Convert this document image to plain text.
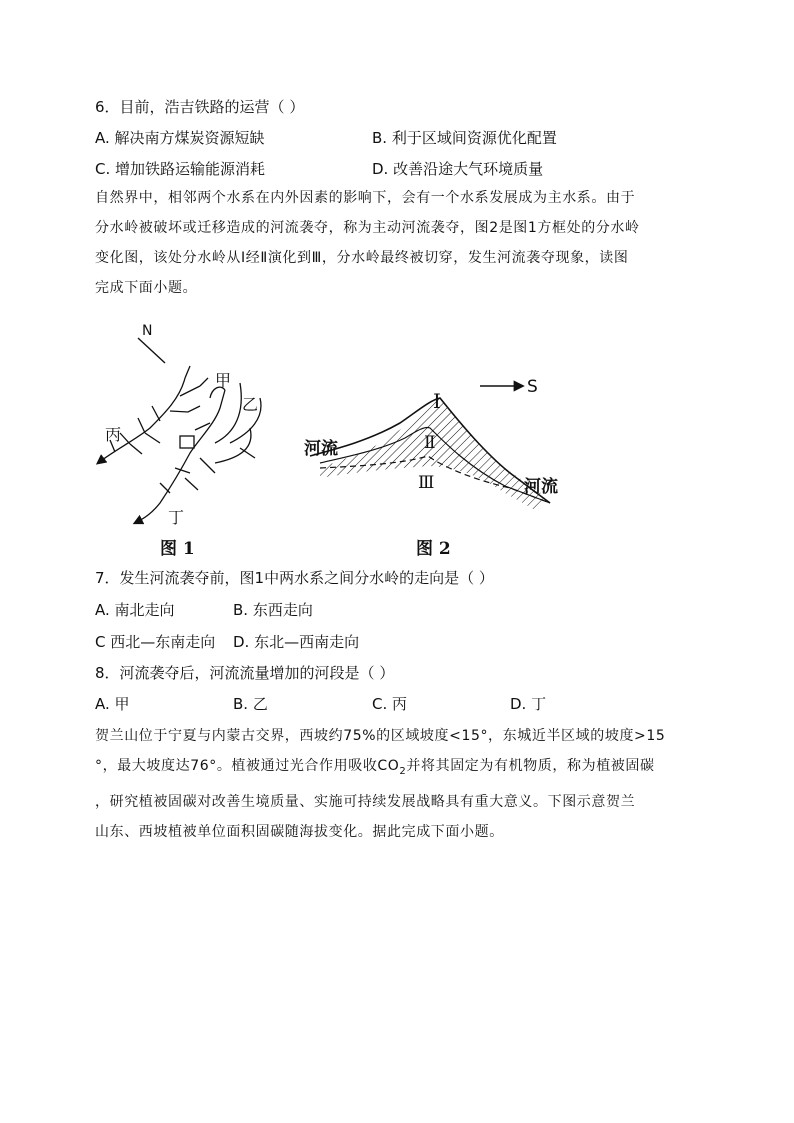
6．目前，浩吉铁路的运营（ ）
A. 解决南方煤炭资源短缺	B. 利于区域间资源优化配置
C. 增加铁路运输能源消耗	D. 改善沿途大气环境质量
自然界中，相邻两个水系在内外因素的影响下，会有一个水系发展成为主水系。由于
分水岭被破坏或迁移造成的河流袭夺，称为主动河流袭夺，图2是图1方框处的分水岭
变化图，该处分水岭从Ⅰ经Ⅱ演化到Ⅲ，分水岭最终被切穿，发生河流袭夺现象，读图
完成下面小题。
N
甲
乙
丙
丁
图 1
S
Ⅰ
Ⅱ
Ⅲ
河流
河流
图 2
7．发生河流袭夺前，图1中两水系之间分水岭的走向是（ ）
A. 南北走向	B. 东西走向
C 西北—东南走向 D. 东北—西南走向
8．河流袭夺后，河流流量增加的河段是（ ）
A. 甲	B. 乙	C. 丙	D. 丁
贺兰山位于宁夏与内蒙古交界，西坡约75%的区域坡度<15°，东城近半区域的坡度>15
°，最大坡度达76°。植被通过光合作用吸收$CO_2$并将其固定为有机物质，称为植被固碳
，研究植被固碳对改善生境质量、实施可持续发展战略具有重大意义。下图示意贺兰
山东、西坡植被单位面积固碳随海拔变化。据此完成下面小题。
